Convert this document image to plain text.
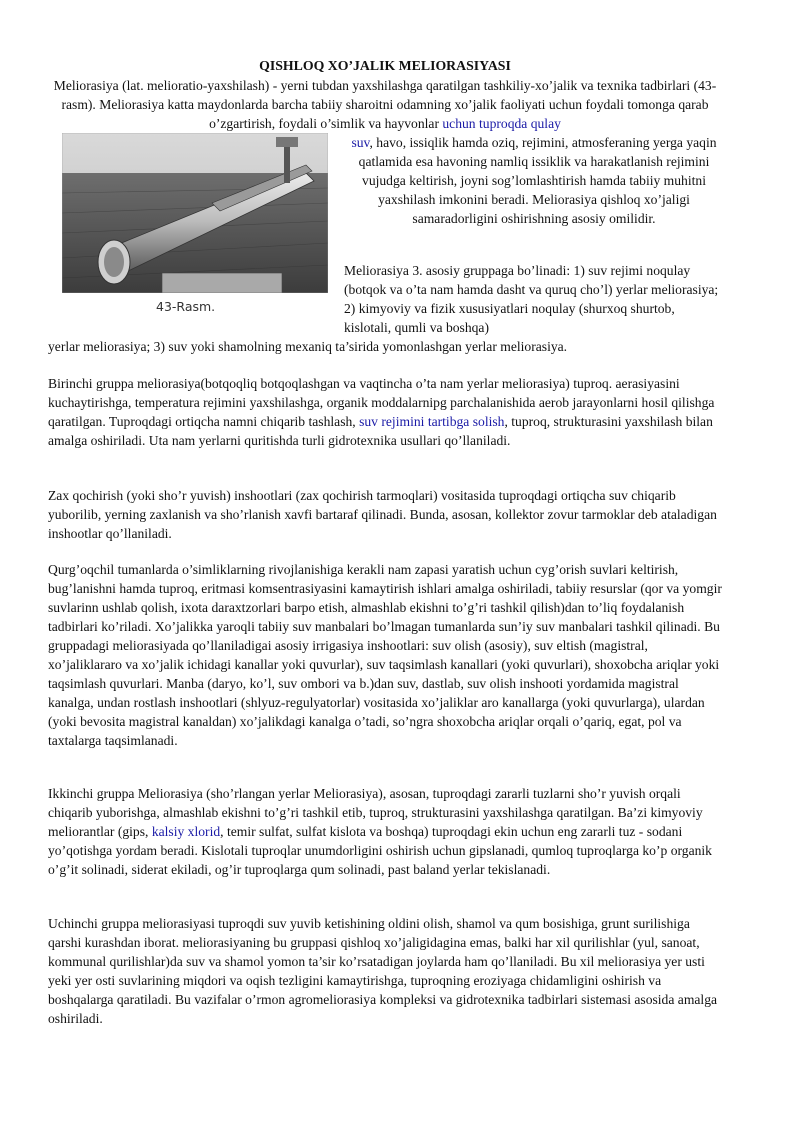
QISHLOQ XO’JALIK MELIORASIYASI
Meliorasiya (lat. melioratio-yaxshilash) - yerni tubdan yaxshilashga qaratilgan tashkiliy-xo’jalik va texnika tadbirlari (43-rasm). Meliorasiya katta maydonlarda barcha tabiiy sharoitni odamning xo’jalik faoliyati uchun foydali tomonga qarab o’zgartirish, foydali o’simlik va hayvonlar uchun tuproqda qulay
43-Rasm.
suv, havo, issiqlik hamda oziq, rejimini, atmosferaning yerga yaqin qatlamida esa havoning namliq issiklik va harakatlanish rejimini vujudga keltirish, joyni sog’lomlashtirish hamda tabiiy muhitni yaxshilash imkonini beradi. Meliorasiya qishloq xo’jaligi samaradorligini oshirishning asosiy omilidir.
Meliorasiya 3. asosiy gruppaga bo’linadi: 1) suv rejimi noqulay (botqok va o’ta nam hamda dasht va quruq cho’l) yerlar meliorasiya; 2) kimyoviy va fizik xususiyatlari noqulay (shurxoq shurtob, kislotali, qumli va boshqa)
yerlar meliorasiya; 3) suv yoki shamolning mexaniq ta’sirida yomonlashgan yerlar meliorasiya.
Birinchi gruppa meliorasiya(botqoqliq botqoqlashgan va vaqtincha o’ta nam yerlar meliorasiya) tuproq. aerasiyasini kuchaytirishga, temperatura rejimini yaxshilashga, organik moddalarnipg parchalanishida aerob jarayonlarni hosil qilishga qaratilgan. Tuproqdagi ortiqcha namni chiqarib tashlash, suv rejimini tartibga solish, tuproq, strukturasini yaxshilash bilan amalga oshiriladi. Uta nam yerlarni quritishda turli gidrotexnika usullari qo’llaniladi.
Zax qochirish (yoki sho’r yuvish) inshootlari (zax qochirish tarmoqlari) vositasida tuproqdagi ortiqcha suv chiqarib yuborilib, yerning zaxlanish va sho’rlanish xavfi bartaraf qilinadi. Bunda, asosan, kollektor zovur tarmoklar deb ataladigan inshootlar qo’llaniladi.
Qurg’oqchil tumanlarda o’simliklarning rivojlanishiga kerakli nam zapasi yaratish uchun cyg’orish suvlari keltirish, bug’lanishni hamda tuproq, eritmasi komsentrasiyasini kamaytirish ishlari amalga oshiriladi, tabiiy resurslar (qor va yomgir suvlarinn ushlab qolish, ixota daraxtzorlari barpo etish, almashlab ekishni to’g’ri tashkil qilish)dan to’liq foydalanish tadbirlari ko’riladi. Xo’jalikka yaroqli tabiiy suv manbalari bo’lmagan tumanlarda sun’iy suv manbalari tashkil qilinadi. Bu gruppadagi meliorasiyada qo’llaniladigai asosiy irrigasiya inshootlari: suv olish (asosiy), suv eltish (magistral, xo’jaliklararo va xo’jalik ichidagi kanallar yoki quvurlar), suv taqsimlash kanallari (yoki quvurlari), shoxobcha ariqlar yoki taqsimlash quvurlari. Manba (daryo, ko’l, suv ombori va b.)dan suv, dastlab, suv olish inshooti yordamida magistral kanalga, undan rostlash inshootlari (shlyuz-regulyatorlar) vositasida xo’jaliklar aro kanallarga (yoki quvurlarga), ulardan (yoki bevosita magistral kanaldan) xo’jalikdagi kanalga o’tadi, so’ngra shoxobcha ariqlar orqali o’qariq, egat, pol va taxtalarga taqsimlanadi.
Ikkinchi gruppa Meliorasiya (sho’rlangan yerlar Meliorasiya), asosan, tuproqdagi zararli tuzlarni sho’r yuvish orqali chiqarib yuborishga, almashlab ekishni to’g’ri tashkil etib, tuproq, strukturasini yaxshilashga qaratilgan. Ba’zi kimyoviy meliorantlar (gips, kalsiy xlorid, temir sulfat, sulfat kislota va boshqa) tuproqdagi ekin uchun eng zararli tuz - sodani yo’qotishga yordam beradi. Kislotali tuproqlar unumdorligini oshirish uchun gipslanadi, qumloq tuproqlarga ko’p organik o’g’it solinadi, siderat ekiladi, og’ir tuproqlarga qum solinadi, past baland yerlar tekislanadi.
Uchinchi gruppa meliorasiyasi tuproqdi suv yuvib ketishining oldini olish, shamol va qum bosishiga, grunt surilishiga qarshi kurashdan iborat. meliorasiyaning bu gruppasi qishloq xo’jaligidagina emas, balki har xil qurilishlar (yul, sanoat, kommunal qurilishlar)da suv va shamol yomon ta’sir ko’rsatadigan joylarda ham qo’llaniladi. Bu xil meliorasiya yer usti yeki yer osti suvlarining miqdori va oqish tezligini kamaytirishga, tuproqning eroziyaga chidamligini oshirish va boshqalarga qaratiladi. Bu vazifalar o’rmon agromeliorasiya kompleksi va gidrotexnika tadbirlari sistemasi asosida amalga oshiriladi.
